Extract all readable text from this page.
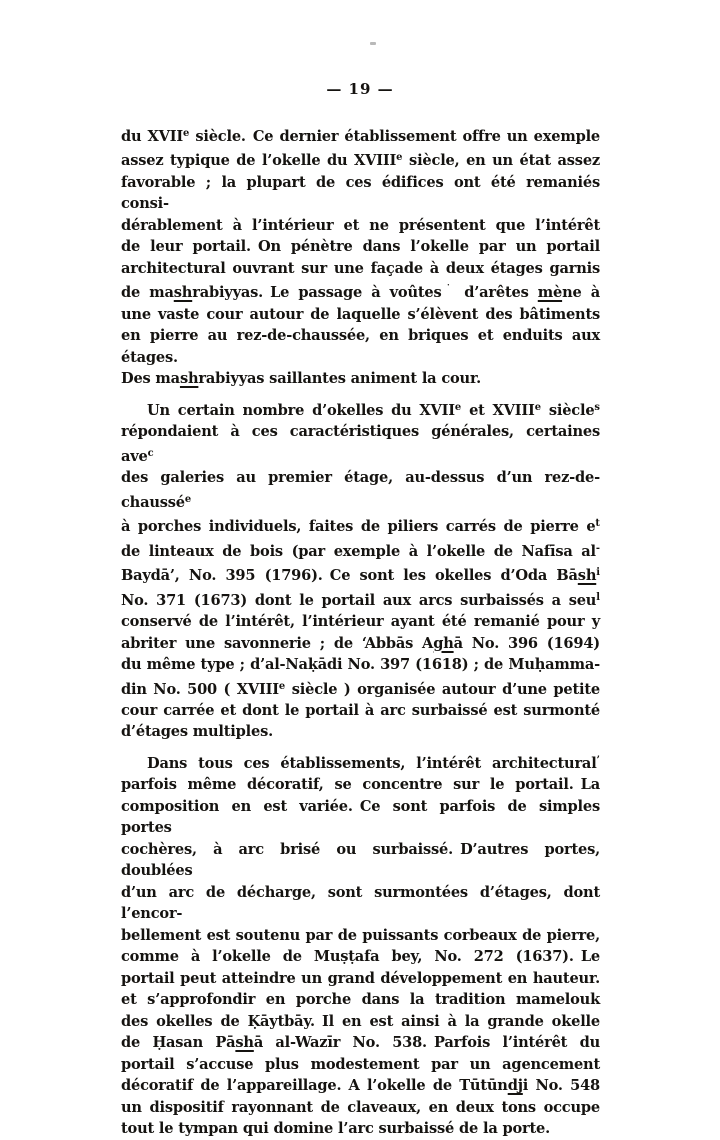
— 19 —
du XVIIe siècle. Ce dernier établissement offre un exemple
assez typique de l’okelle du XVIIIe siècle, en un état assez
favorable ; la plupart de ces édifices ont été remaniés consi-
dérablement à l’intérieur et ne présentent que l’intérêt
de leur portail. On pénètre dans l’okelle par un portail
architectural ouvrant sur une façade à deux étages garnis
de mashrabiyyas. Le passage à voûtes˙ d’arêtes mène à
une vaste cour autour de laquelle s’élèvent des bâtiments
en pierre au rez-de-chaussée, en briques et enduits aux étages.
Des mashrabiyyas saillantes animent la cour.
Un certain nombre d’okelles du XVIIe et XVIIIe siècle$^s$
répondaient à ces caractéristiques générales, certaines ave$^c$
des galeries au premier étage, au-dessus d’un rez-de-chaussé$^e$
à porches individuels, faites de piliers carrés de pierre $e^t$
de linteaux de bois (par exemple à l’okelle de Nafīsa al-
Baydā’, No. 395 (1796). Ce sont les okelles d’Oda Bāsh$^i$
No. 371 (1673) dont le portail aux arcs surbaissés a seu$^l$
conservé de l’intérêt, l’intérieur ayant été remanié pour y
abriter une savonnerie ; de ‘Abbās Aghā No. 396 (1694)
du même type ; d’al-Naḳādi No. 397 (1618) ; de Muḥamma-
din No. 500 ( XVIIIe siècle ) organisée autour d’une petite
cour carrée et dont le portail à arc surbaissé est surmonté
d’étages multiples.
Dans tous ces établissements, l’intérêt architectural’
parfois même décoratif, se concentre sur le portail. La
composition en est variée. Ce sont parfois de simples portes
cochères, à arc brisé ou surbaissé. D’autres portes, doublées
d’un arc de décharge, sont surmontées d’étages, dont l’encor-
bellement est soutenu par de puissants corbeaux de pierre,
comme à l’okelle de Muṣṭafa bey, No. 272 (1637). Le
portail peut atteindre un grand développement en hauteur.
et s’approfondir en porche dans la tradition mamelouk
des okelles de Ḳāytbāy. Il en est ainsi à la grande okelle
de Ḥasan Pāshā al-Wazīr No. 538. Parfois l’intérêt du
portail s’accuse plus modestement par un agencement
décoratif de l’appareillage. A l’okelle de Tūtūndji No. 548
un dispositif rayonnant de claveaux, en deux tons occupe
tout le tympan qui domine l’arc surbaissé de la porte.
